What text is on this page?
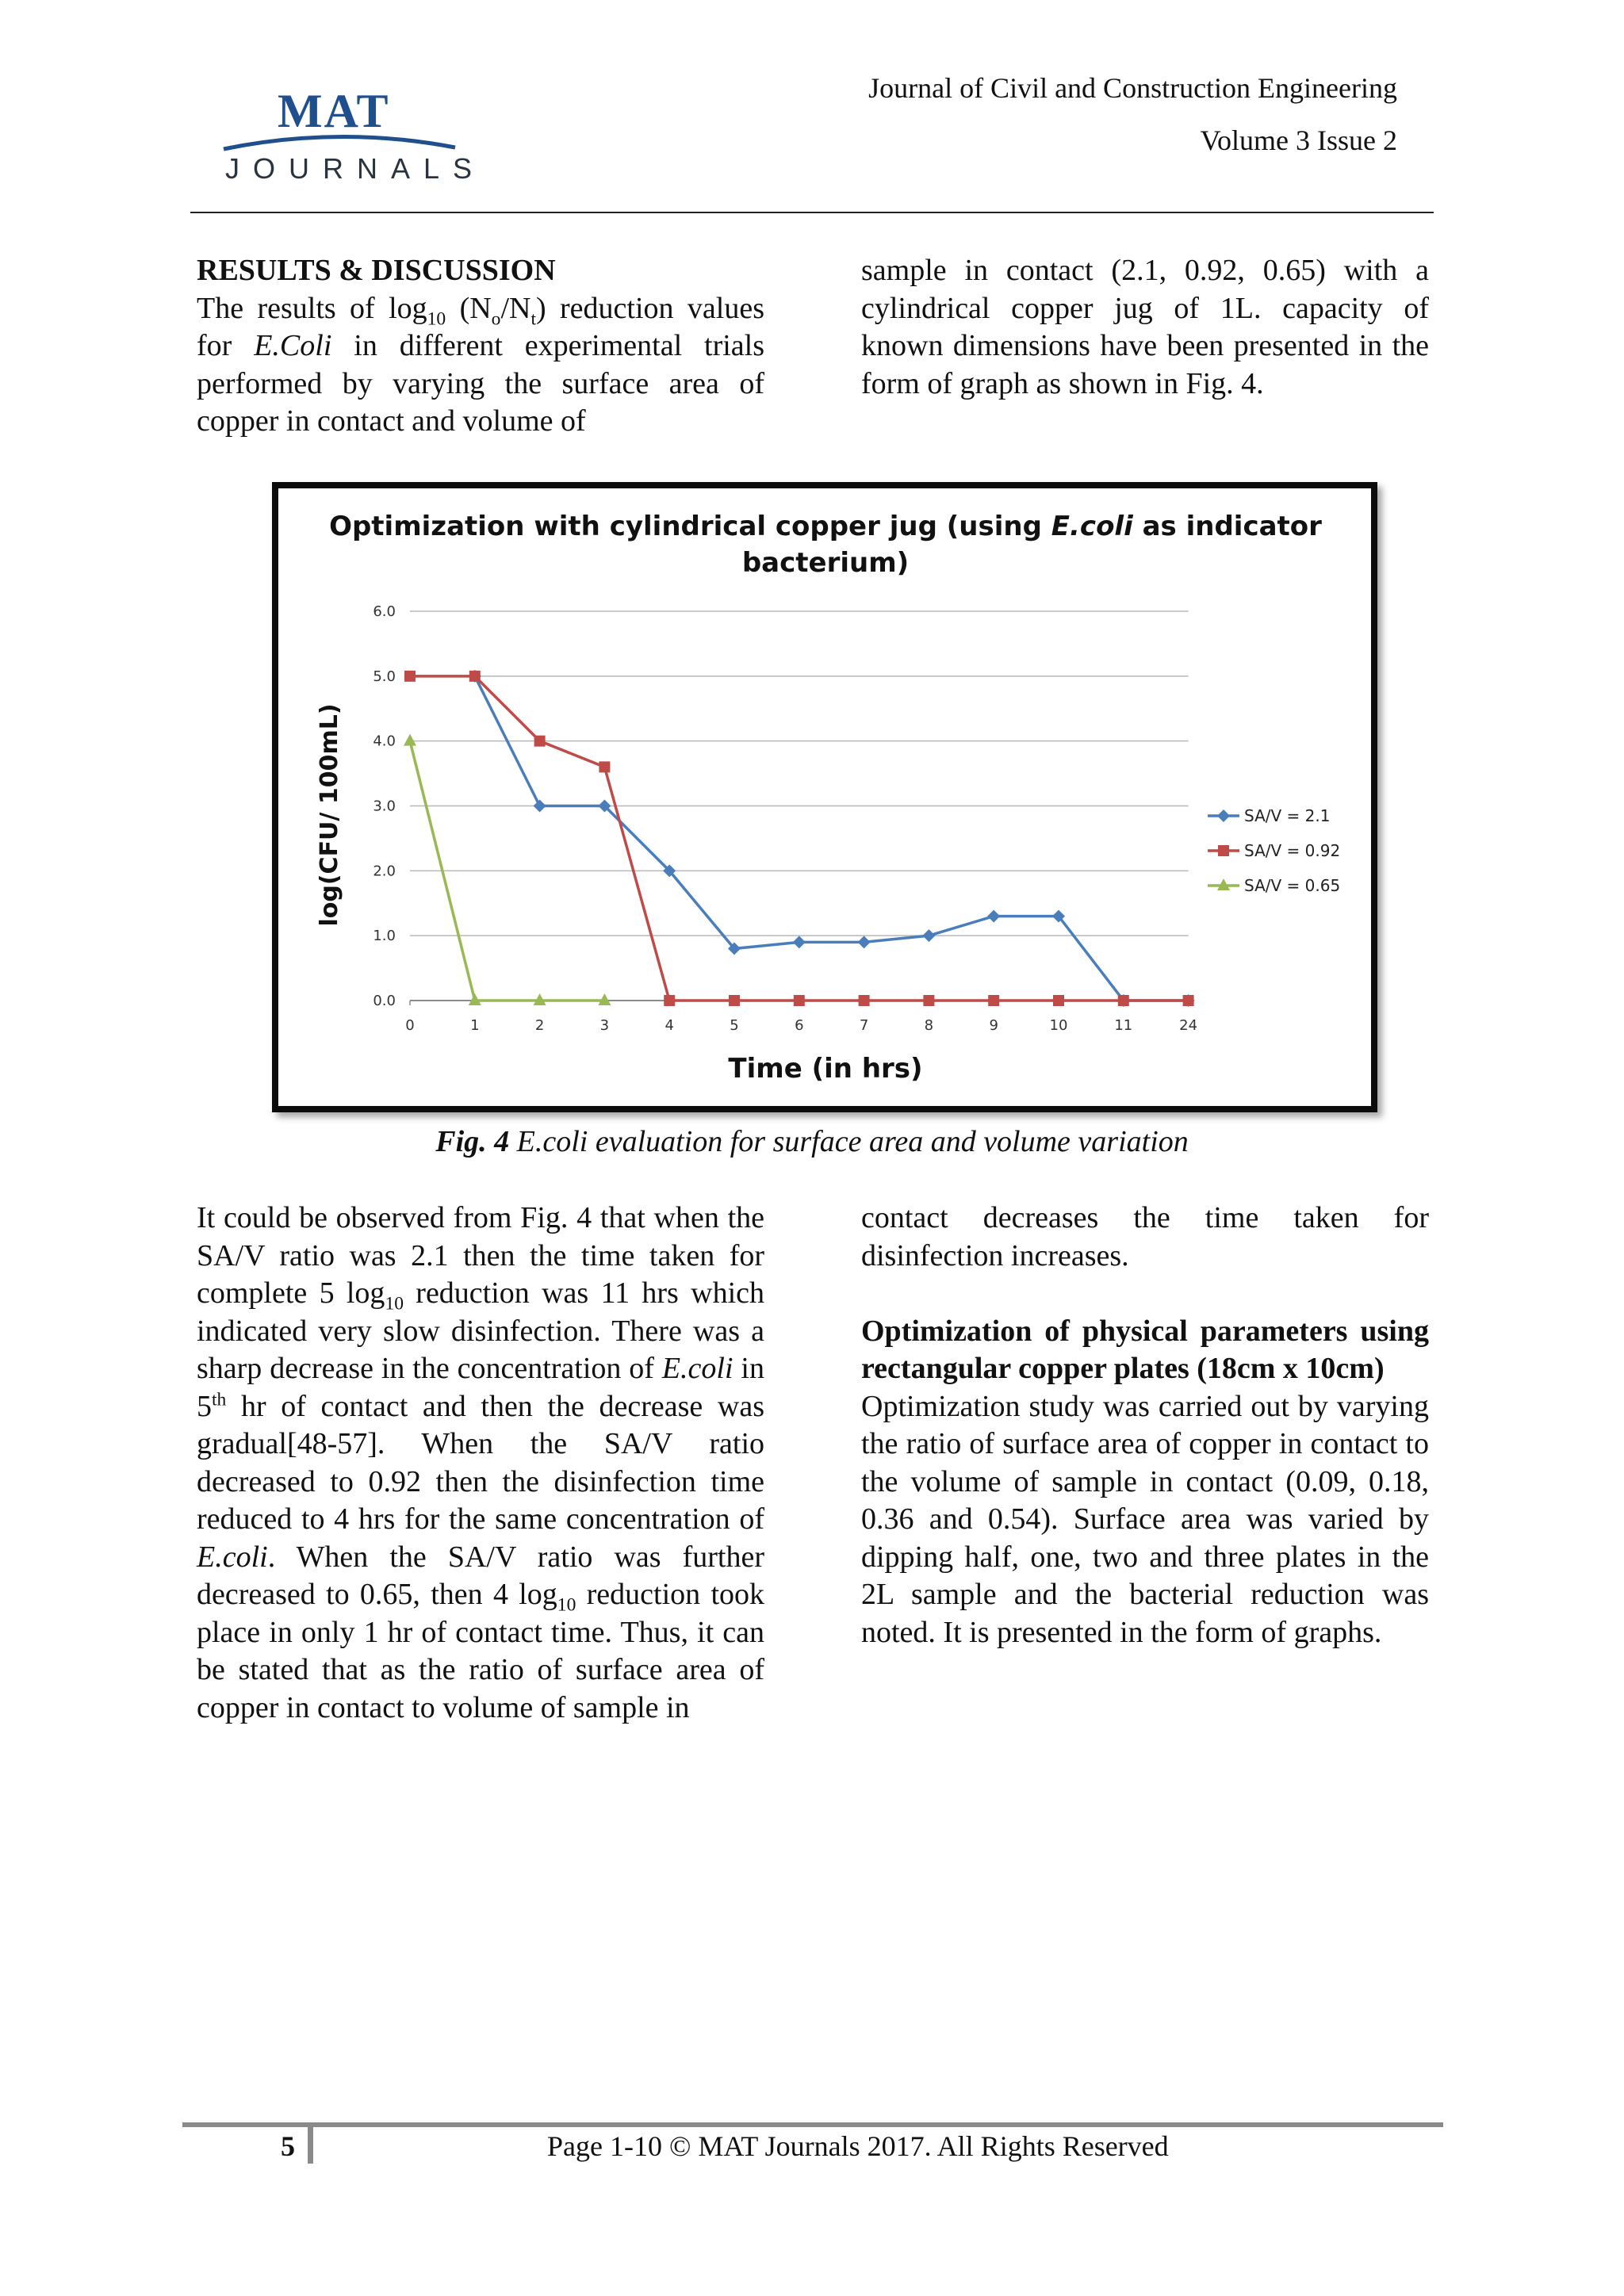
MAT
JOURNALS
Journal of Civil and Construction Engineering
Volume 3 Issue 2
RESULTS & DISCUSSION

The results of $\log_{10} (N_o/N_t)$ reduction values for E.Coli in different experimental trials performed by varying the surface area of copper in contact and volume of

sample in contact (2.1, 0.92, 0.65) with a cylindrical copper jug of 1L. capacity of known dimensions have been presented in the form of graph as shown in Fig. 4.

Optimization with cylindrical copper jug (using E.coli as indicator
bacterium)
0.0
1.0
2.0
3.0
4.0
5.0
6.0
0	1	2	3	4	5	6	7	8	9	10	11	24
Time (in hrs)
log(CFU/ 100mL)	SA/V = 2.1
SA/V = 0.92
SA/V = 0.65
Fig. 4 E.coli evaluation for surface area and volume variation

It could be observed from Fig. 4 that when the SA/V ratio was 2.1 then the time taken for complete 5 $\log_{10}$ reduction was 11 hrs which indicated very slow disinfection. There was a sharp decrease in the concentration of E.coli in 5th hr of contact and then the decrease was gradual[48-57]. When the SA/V ratio decreased to 0.92 then the disinfection time reduced to 4 hrs for the same concentration of E.coli. When the SA/V ratio was further decreased to 0.65, then 4 $\log_{10}$ reduction took place in only 1 hr of contact time. Thus, it can be stated that as the ratio of surface area of copper in contact to volume of sample in

contact decreases the time taken for disinfection increases.

Optimization of physical parameters using rectangular copper plates (18cm x 10cm)

Optimization study was carried out by varying the ratio of surface area of copper in contact to the volume of sample in contact (0.09, 0.18, 0.36 and 0.54). Surface area was varied by dipping half, one, two and three plates in the 2L sample and the bacterial reduction was noted. It is presented in the form of graphs.

5	Page 1-10 © MAT Journals 2017. All Rights Reserved
